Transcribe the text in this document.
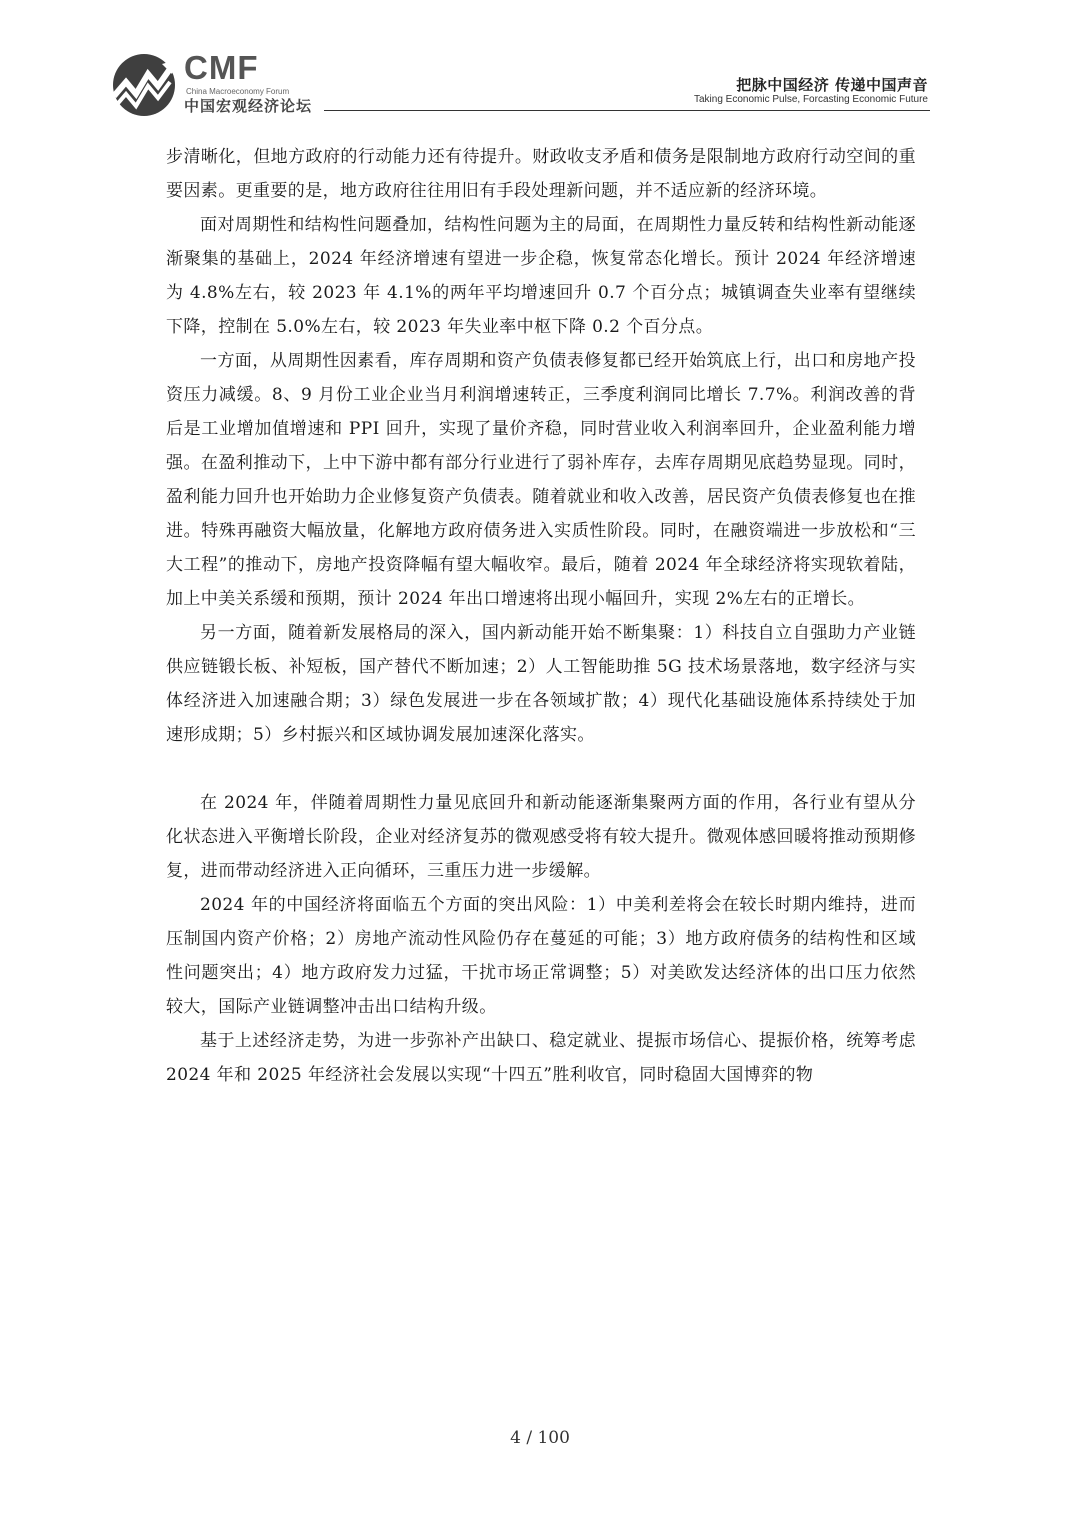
CMF
China Macroeconomy Forum
中国宏观经济论坛
把脉中国经济 传递中国声音
Taking Economic Pulse, Forcasting Economic Future

步清晰化，但地方政府的行动能力还有待提升。财政收支矛盾和债务是限制地方政府行动空间的重要因素。更重要的是，地方政府往往用旧有手段处理新问题，并不适应新的经济环境。

面对周期性和结构性问题叠加，结构性问题为主的局面，在周期性力量反转和结构性新动能逐渐聚集的基础上，2024 年经济增速有望进一步企稳，恢复常态化增长。预计 2024 年经济增速为 4.8%左右，较 2023 年 4.1%的两年平均增速回升 0.7 个百分点；城镇调查失业率有望继续下降，控制在 5.0%左右，较 2023 年失业率中枢下降 0.2 个百分点。

一方面，从周期性因素看，库存周期和资产负债表修复都已经开始筑底上行，出口和房地产投资压力减缓。8、9 月份工业企业当月利润增速转正，三季度利润同比增长 7.7%。利润改善的背后是工业增加值增速和 PPI 回升，实现了量价齐稳，同时营业收入利润率回升，企业盈利能力增强。在盈利推动下，上中下游中都有部分行业进行了弱补库存，去库存周期见底趋势显现。同时，盈利能力回升也开始助力企业修复资产负债表。随着就业和收入改善，居民资产负债表修复也在推进。特殊再融资大幅放量，化解地方政府债务进入实质性阶段。同时，在融资端进一步放松和“三大工程”的推动下，房地产投资降幅有望大幅收窄。最后，随着 2024 年全球经济将实现软着陆，加上中美关系缓和预期，预计 2024 年出口增速将出现小幅回升，实现 2%左右的正增长。

另一方面，随着新发展格局的深入，国内新动能开始不断集聚：1）科技自立自强助力产业链供应链锻长板、补短板，国产替代不断加速；2）人工智能助推 5G 技术场景落地，数字经济与实体经济进入加速融合期；3）绿色发展进一步在各领域扩散；4）现代化基础设施体系持续处于加速形成期；5）乡村振兴和区域协调发展加速深化落实。

在 2024 年，伴随着周期性力量见底回升和新动能逐渐集聚两方面的作用，各行业有望从分化状态进入平衡增长阶段，企业对经济复苏的微观感受将有较大提升。微观体感回暖将推动预期修复，进而带动经济进入正向循环，三重压力进一步缓解。

2024 年的中国经济将面临五个方面的突出风险：1）中美利差将会在较长时期内维持，进而压制国内资产价格；2）房地产流动性风险仍存在蔓延的可能；3）地方政府债务的结构性和区域性问题突出；4）地方政府发力过猛，干扰市场正常调整；5）对美欧发达经济体的出口压力依然较大，国际产业链调整冲击出口结构升级。

基于上述经济走势，为进一步弥补产出缺口、稳定就业、提振市场信心、提振价格，统筹考虑 2024 年和 2025 年经济社会发展以实现“十四五”胜利收官，同时稳固大国博弈的物

4 / 100
